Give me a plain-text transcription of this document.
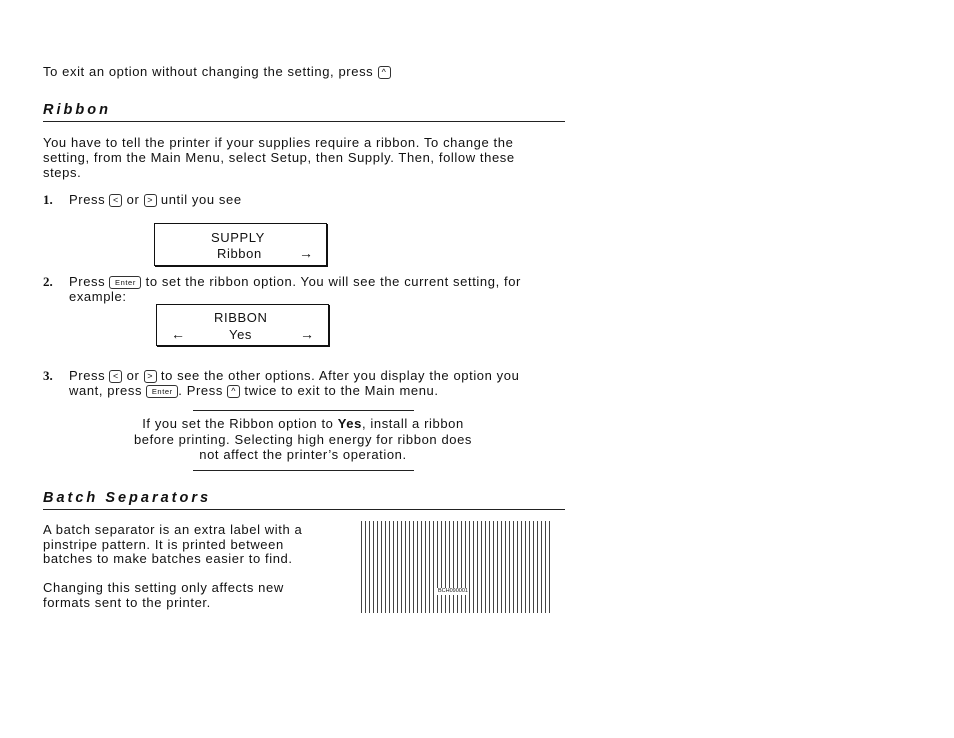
To exit an option without changing the setting, press ^
Ribbon
You have to tell the printer if your supplies require a ribbon. To change the
setting, from the Main Menu, select Setup, then Supply. Then, follow these
steps.
1. Press < or > until you see
SUPPLY
Ribbon	→
2. Press Enter to set the ribbon option. You will see the current setting, for
example:
RIBBON
←	Yes	→
3. Press < or > to see the other options. After you display the option you
want, press Enter . Press ^ twice to exit to the Main menu.
If you set the Ribbon option to Yes, install a ribbon
before printing. Selecting high energy for ribbon does
not affect the printer’s operation.
Batch Separators
A batch separator is an extra label with a
pinstripe pattern. It is printed between
batches to make batches easier to find.
Changing this setting only affects new
formats sent to the printer.
BCH090001
